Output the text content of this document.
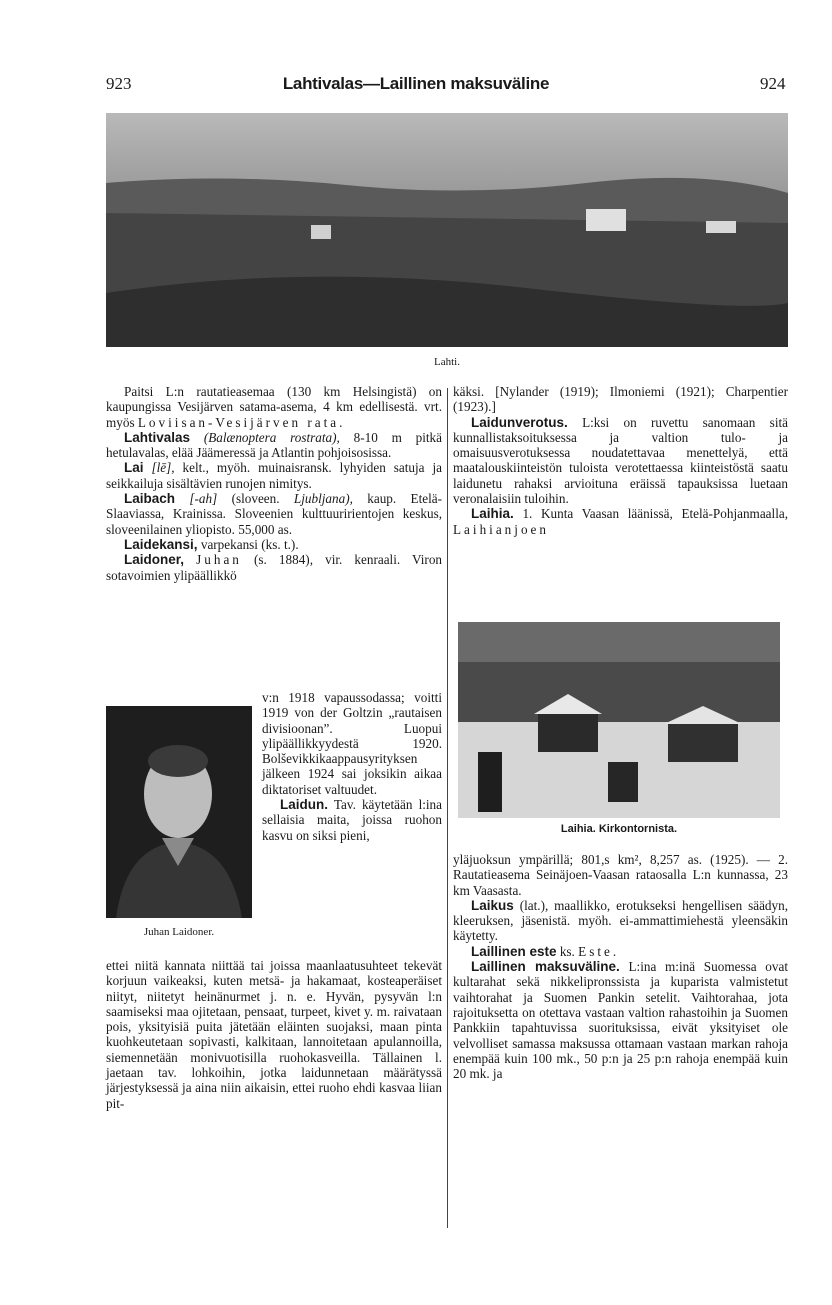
923	Lahtivalas—Laillinen maksuväline	924
Lahti.

Paitsi L:n rautatieasemaa (130 km Helsingistä) on kaupungissa Vesijärven satama-asema, 4 km edellisestä. vrt. myös Loviisan-Vesijärven rata.

Lahtivalas (Balænoptera rostrata), 8-10 m pitkä hetulavalas, elää Jäämeressä ja Atlantin pohjoisosissa.

Lai [lē], kelt., myöh. muinaisransk. lyhyiden satuja ja seikkailuja sisältävien runojen nimitys.

Laibach [-ah] (sloveen. Ljubljana), kaup. Etelä-Slaaviassa, Krainissa. Sloveenien kulttuuririentojen keskus, sloveenilainen yliopisto. 55,000 as.

Laidekansi, varpekansi (ks. t.).

Laidoner, Juhan (s. 1884), vir. kenraali. Viron sotavoimien ylipäällikkö

Juhan Laidoner.

v:n 1918 vapaussodassa; voitti 1919 von der Goltzin „rautaisen divisioonan”. Luopui ylipäällikkyydestä 1920. Bolševikkikaappausyrityksen jälkeen 1924 sai joksikin aikaa diktatoriset valtuudet.

Laidun. Tav. käytetään l:ina sellaisia maita, joissa ruohon kasvu on siksi pieni,

ettei niitä kannata niittää tai joissa maanlaatusuhteet tekevät korjuun vaikeaksi, kuten metsä- ja hakamaat, kosteaperäiset niityt, niitetyt heinänurmet j. n. e. Hyvän, pysyvän l:n saamiseksi maa ojitetaan, pensaat, turpeet, kivet y. m. raivataan pois, yksityisiä puita jätetään eläinten suojaksi, maan pinta kuohkeutetaan sopivasti, kalkitaan, lannoitetaan apulannoilla, siemennetään monivuotisilla ruohokasveilla. Tällainen l. jaetaan tav. lohkoihin, jotka laidunnetaan määrätyssä järjestyksessä ja aina niin aikaisin, ettei ruoho ehdi kasvaa liian pit-

käksi. [Nylander (1919); Ilmoniemi (1921); Charpentier (1923).]

Laidunverotus. L:ksi on ruvettu sanomaan sitä kunnallistaksoituksessa ja valtion tulo- ja omaisuusverotuksessa noudatettavaa menettelyä, että maatalouskiinteistön tuloista verotettaessa kiinteistöstä saatu laidunetu rahaksi arvioituna eräissä tapauksissa luetaan veronalaisiin tuloihin.

Laihia. 1. Kunta Vaasan läänissä, Etelä-Pohjanmaalla, Laihianjoen

Laihia. Kirkontornista.

yläjuoksun ympärillä; 801,s km², 8,257 as. (1925). — 2. Rautatieasema Seinäjoen-Vaasan rataosalla L:n kunnassa, 23 km Vaasasta.

Laikus (lat.), maallikko, erotukseksi hengellisen säädyn, kleeruksen, jäsenistä. myöh. ei-ammattimiehestä yleensäkin käytetty.

Laillinen este ks. Este.

Laillinen maksuväline. L:ina m:inä Suomessa ovat kultarahat sekä nikkelipronssista ja kuparista valmistetut vaihtorahat ja Suomen Pankin setelit. Vaihtorahaa, jota rajoituksetta on otettava vastaan valtion rahastoihin ja Suomen Pankkiin tapahtuvissa suorituksissa, eivät yksityiset ole velvolliset samassa maksussa ottamaan vastaan markan rahoja enempää kuin 100 mk., 50 p:n ja 25 p:n rahoja enempää kuin 20 mk. ja
